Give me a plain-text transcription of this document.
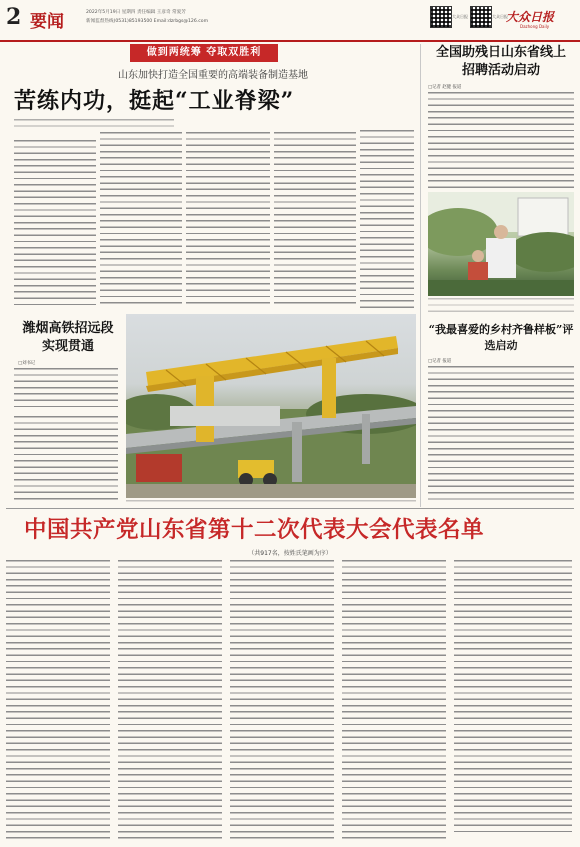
2 要闻	2022年5月19日 星期四 责任编辑 王彦奇 常爱芳
新闻监督热线(0531)85193500 Email:dzrbgs@126.com
大众日报	大众日报
大众日报
Dazhong Daily
做到两统筹 夺取双胜利
山东加快打造全国重要的高端装备制造基地
苦练内功，挺起“工业脊梁”
潍烟高铁招远段实现贯通
□刘书记
全国助残日山东省线上招聘活动启动
□记者 赵健 报道
“我最喜爱的乡村齐鲁样板”评选启动
□记者 报道
中国共产党山东省第十二次代表大会代表名单
（共917名，按姓氏笔画为序）
